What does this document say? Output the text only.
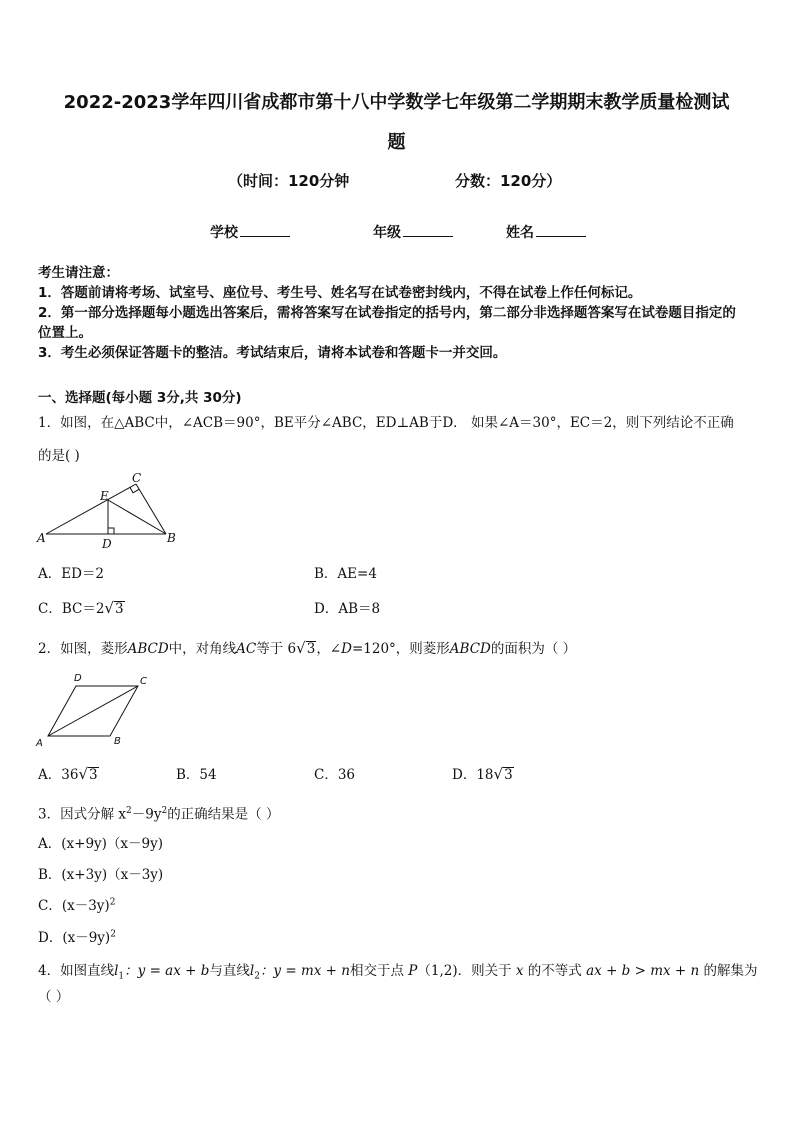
2022-2023学年四川省成都市第十八中学数学七年级第二学期期末教学质量检测试
题
（时间：120分钟	分数：120分）
学校	年级	姓名
考生请注意：
1．答题前请将考场、试室号、座位号、考生号、姓名写在试卷密封线内，不得在试卷上作任何标记。
2．第一部分选择题每小题选出答案后，需将答案写在试卷指定的括号内，第二部分非选择题答案写在试卷题目指定的
位置上。
3．考生必须保证答题卡的整洁。考试结束后，请将本试卷和答题卡一并交回。
一、选择题(每小题 3分,共 30分)
1．如图，在△ABC中，∠ACB＝90°，BE平分∠ABC，ED⊥AB于D． 如果∠A＝30°，EC＝2，则下列结论不正确
的是( )
A	B
C
D
E
A．ED＝2	B．AE=4
C．BC＝2√3	D．AB＝8
2．如图，菱形ABCD中，对角线AC等于 6√3，∠D=120°，则菱形ABCD的面积为（ ）
A	B
C
D
A．36√3	B．54	C．36	D．18√3
3．因式分解 $x^2-9y^2$的正确结果是（ ）
A．(x+9y)（x－9y)
B．(x+3y)（x－3y)
C．$(x-3y)^2$
D．$(x-9y)^2$
4．如图直线$l_1$：y = ax + b与直线$l_2$：y = mx + n相交于点 P（1,2)．则关于 x 的不等式 ax + b > mx + n 的解集为（ ）
